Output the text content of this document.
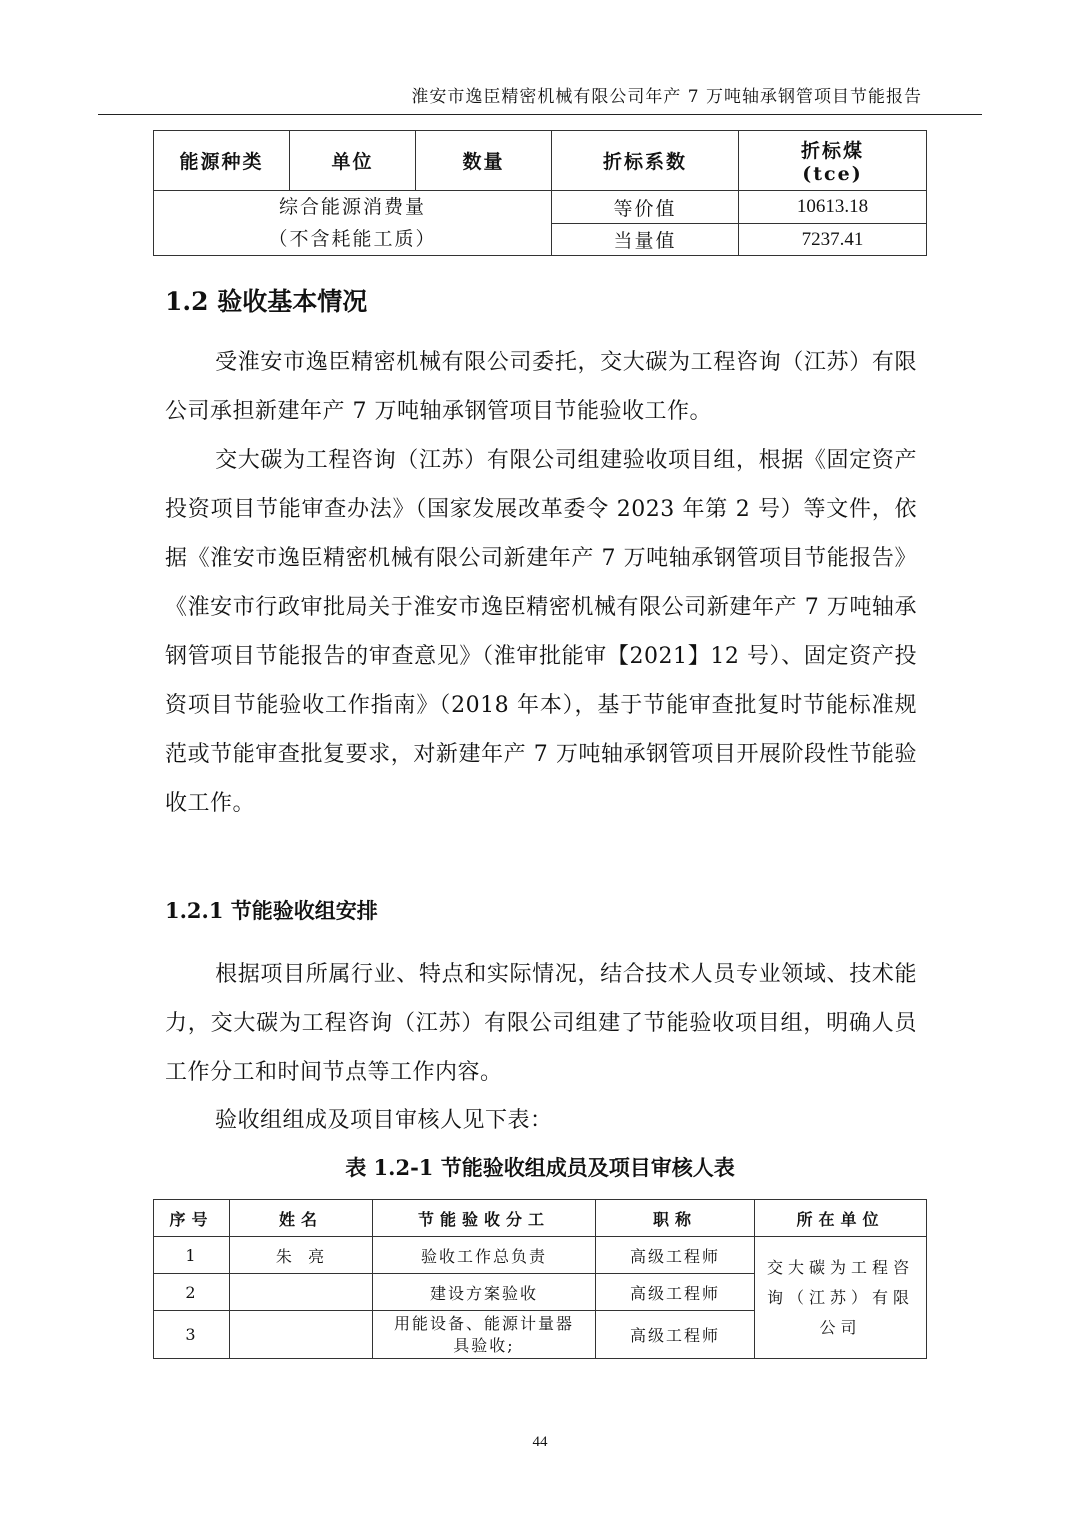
淮安市逸臣精密机械有限公司年产 7 万吨轴承钢管项目节能报告
能源种类	单位	数量	折标系数	折标煤
(tce)

综合能源消费量
（不含耗能工质）			等价值	10613.18
			当量值	7237.41
1.2 验收基本情况

受淮安市逸臣精密机械有限公司委托，交大碳为工程咨询（江苏）有限公司承担新建年产 7 万吨轴承钢管项目节能验收工作。

交大碳为工程咨询（江苏）有限公司组建验收项目组，根据《固定资产投资项目节能审查办法》（国家发展改革委令 2023 年第 2 号）等文件，依据《淮安市逸臣精密机械有限公司新建年产 7 万吨轴承钢管项目节能报告》《淮安市行政审批局关于淮安市逸臣精密机械有限公司新建年产 7 万吨轴承钢管项目节能报告的审查意见》（淮审批能审【2021】12 号）、固定资产投资项目节能验收工作指南》（2018 年本），基于节能审查批复时节能标准规范或节能审查批复要求，对新建年产 7 万吨轴承钢管项目开展阶段性节能验收工作。

1.2.1 节能验收组安排

根据项目所属行业、特点和实际情况，结合技术人员专业领域、技术能力，交大碳为工程咨询（江苏）有限公司组建了节能验收项目组，明确人员工作分工和时间节点等工作内容。

验收组组成及项目审核人见下表：

表 1.2-1 节能验收组成员及项目审核人表

序号	姓名	节能验收分工	职称	所在单位
1	朱  亮	验收工作总负责	高级工程师	交大碳为工程咨
询（江苏）有限
公司

2		建设方案验收	高级工程师	
3		用能设备、能源计量器具验收;	高级工程师	
44
